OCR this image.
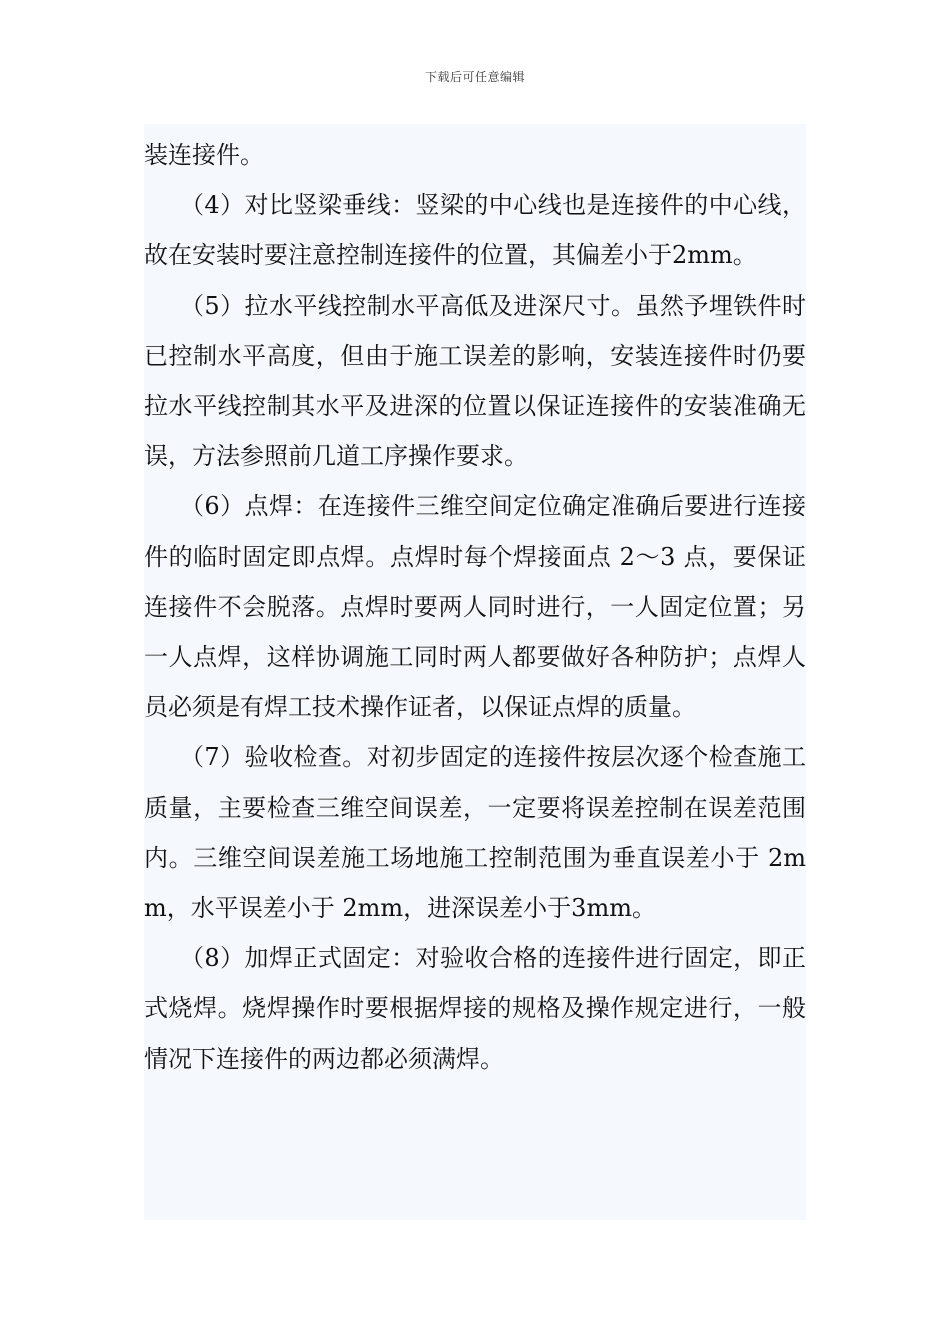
下载后可任意编辑

装连接件。

（4）对比竖梁垂线：竖梁的中心线也是连接件的中心线，故在安装时要注意控制连接件的位置，其偏差小于2mm。

（5）拉水平线控制水平高低及进深尺寸。虽然予埋铁件时已控制水平高度，但由于施工误差的影响，安装连接件时仍要拉水平线控制其水平及进深的位置以保证连接件的安装准确无误，方法参照前几道工序操作要求。

（6）点焊：在连接件三维空间定位确定准确后要进行连接件的临时固定即点焊。点焊时每个焊接面点 2～3 点，要保证连接件不会脱落。点焊时要两人同时进行，一人固定位置；另一人点焊，这样协调施工同时两人都要做好各种防护；点焊人员必须是有焊工技术操作证者，以保证点焊的质量。

（7）验收检查。对初步固定的连接件按层次逐个检查施工质量，主要检查三维空间误差，一定要将误差控制在误差范围内。三维空间误差施工场地施工控制范围为垂直误差小于 2mm，水平误差小于 2mm，进深误差小于3mm。

（8）加焊正式固定：对验收合格的连接件进行固定，即正式烧焊。烧焊操作时要根据焊接的规格及操作规定进行，一般情况下连接件的两边都必须满焊。
